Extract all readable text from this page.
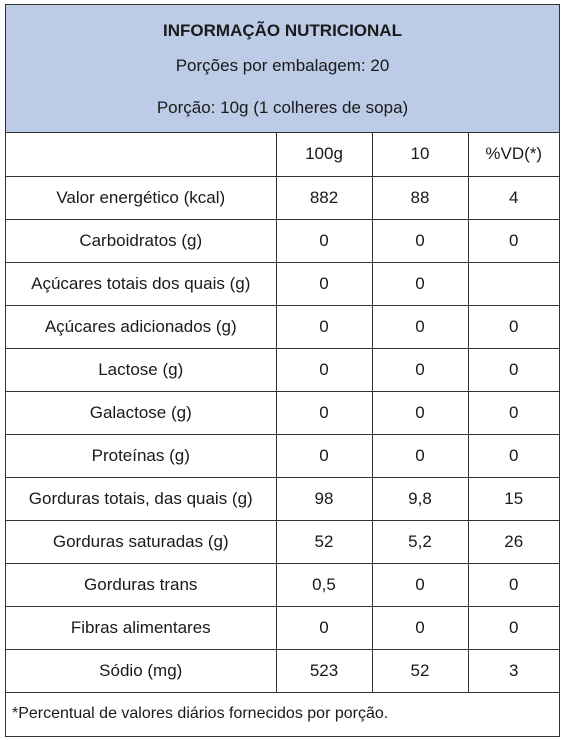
INFORMAÇÃO NUTRICIONAL
Porções por embalagem: 20
Porção: 10g (1 colheres de sopa)
	100g	10	%VD(*)
Valor energético (kcal)	882	88	4
Carboidratos (g)	0	0	0
Açúcares totais dos quais (g)	0	0	
Açúcares adicionados (g)	0	0	0
Lactose (g)	0	0	0
Galactose (g)	0	0	0
Proteínas (g)	0	0	0
Gorduras totais, das quais (g)	98	9,8	15
Gorduras saturadas (g)	52	5,2	26
Gorduras trans	0,5	0	0
Fibras alimentares	0	0	0
Sódio (mg)	523	52	3
*Percentual de valores diários fornecidos por porção.
